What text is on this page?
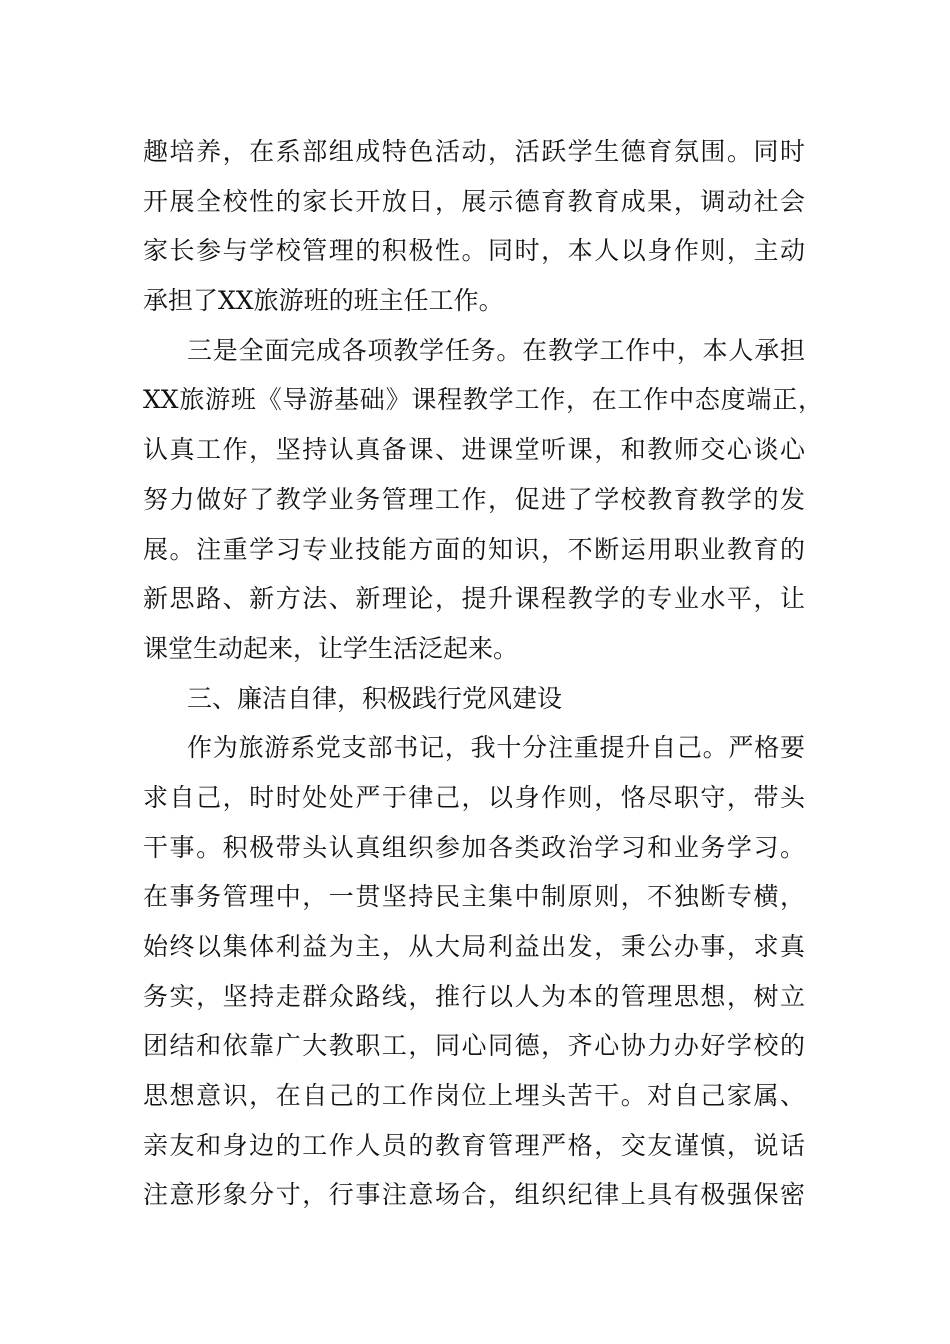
趣培养，在系部组成特色活动，活跃学生德育氛围。同时
开展全校性的家长开放日，展示德育教育成果，调动社会
家长参与学校管理的积极性。同时，本人以身作则，主动
承担了XX旅游班的班主任工作。
三是全面完成各项教学任务。在教学工作中，本人承担
XX旅游班《导游基础》课程教学工作，在工作中态度端正，
认真工作，坚持认真备课、进课堂听课，和教师交心谈心
努力做好了教学业务管理工作，促进了学校教育教学的发
展。注重学习专业技能方面的知识，不断运用职业教育的
新思路、新方法、新理论，提升课程教学的专业水平，让
课堂生动起来，让学生活泛起来。
三、廉洁自律，积极践行党风建设
作为旅游系党支部书记，我十分注重提升自己。严格要
求自己，时时处处严于律己，以身作则，恪尽职守，带头
干事。积极带头认真组织参加各类政治学习和业务学习。
在事务管理中，一贯坚持民主集中制原则，不独断专横，
始终以集体利益为主，从大局利益出发，秉公办事，求真
务实，坚持走群众路线，推行以人为本的管理思想，树立
团结和依靠广大教职工，同心同德，齐心协力办好学校的
思想意识，在自己的工作岗位上埋头苦干。对自己家属、
亲友和身边的工作人员的教育管理严格，交友谨慎，说话
注意形象分寸，行事注意场合，组织纪律上具有极强保密
